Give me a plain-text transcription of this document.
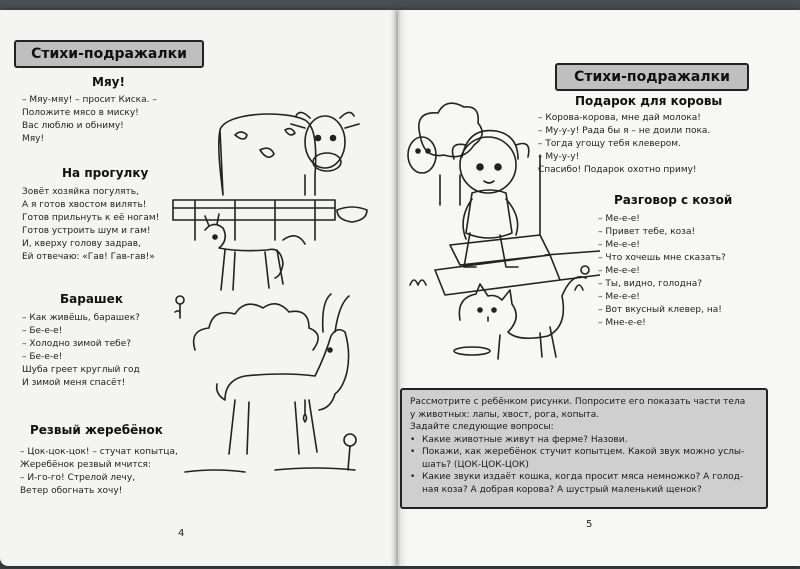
Стихи-подражалки
Мяу!
– Мяу-мяу! – просит Киска. –
Положите мясо в миску!
Вас люблю и обниму!
Мяу!
На прогулку
Зовёт хозяйка погулять,
А я готов хвостом вилять!
Готов прильнуть к её ногам!
Готов устроить шум и гам!
И, кверху голову задрав,
Ей отвечаю: «Гав! Гав-гав!»
Барашек
– Как живёшь, барашек?
– Бе-е-е!
– Холодно зимой тебе?
– Бе-е-е!
Шуба греет круглый год
И зимой меня спасёт!
Резвый жеребёнок
– Цок-цок-цок! – стучат копытца,
Жеребёнок резвый мчится:
– И-го-го! Стрелой лечу,
Ветер обогнать хочу!
4
Стихи-подражалки
Подарок для коровы
– Корова-корова, мне дай молока!
– Му-у-у! Рада бы я – не доили пока.
– Тогда угощу тебя клевером.
– Му-у-у!
Спасибо! Подарок охотно приму!
Разговор с козой
– Ме-е-е!
– Привет тебе, коза!
– Ме-е-е!
– Что хочешь мне сказать?
– Ме-е-е!
– Ты, видно, голодна?
– Ме-е-е!
– Вот вкусный клевер, на!
– Мне-е-е!
Рассмотрите с ребёнком рисунки. Попросите его показать части тела
у животных: лапы, хвост, рога, копыта.
Задайте следующие вопросы:
• Какие животные живут на ферме? Назови.
• Покажи, как жеребёнок стучит копытцем. Какой звук можно услы-
шать? (ЦОК-ЦОК-ЦОК)
• Какие звуки издаёт кошка, когда просит мяса немножко? А голод-
ная коза? А добрая корова? А шустрый маленький щенок?
5
